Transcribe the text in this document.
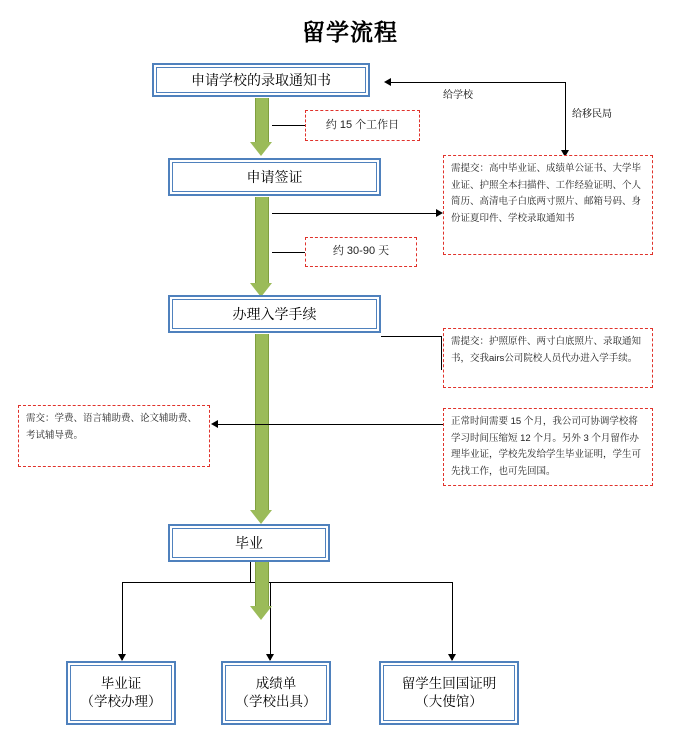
留学流程
申请学校的录取通知书
约 15 个工作日
给学校
给移民局
申请签证
需提交：高中毕业证、成绩单公证书、大学毕业证、护照全本扫描件、工作经验证明、个人简历、高清电子白底两寸照片、邮箱号码、身份证夏印件、学校录取通知书
约 30-90 天
办理入学手续
需提交：护照原件、两寸白底照片、录取通知书，交我airs公司院校人员代办进入学手续。
正常时间需要 15 个月，我公司可协调学校将学习时间压缩短 12 个月。另外 3 个月留作办理毕业证，学校先发给学生毕业证明，学生可先找工作，也可先回国。
需交：学费、语言辅助费、论文辅助费、考试辅导费。
毕业
毕业证
（学校办理）
成绩单
（学校出具）
留学生回国证明
（大使馆）
